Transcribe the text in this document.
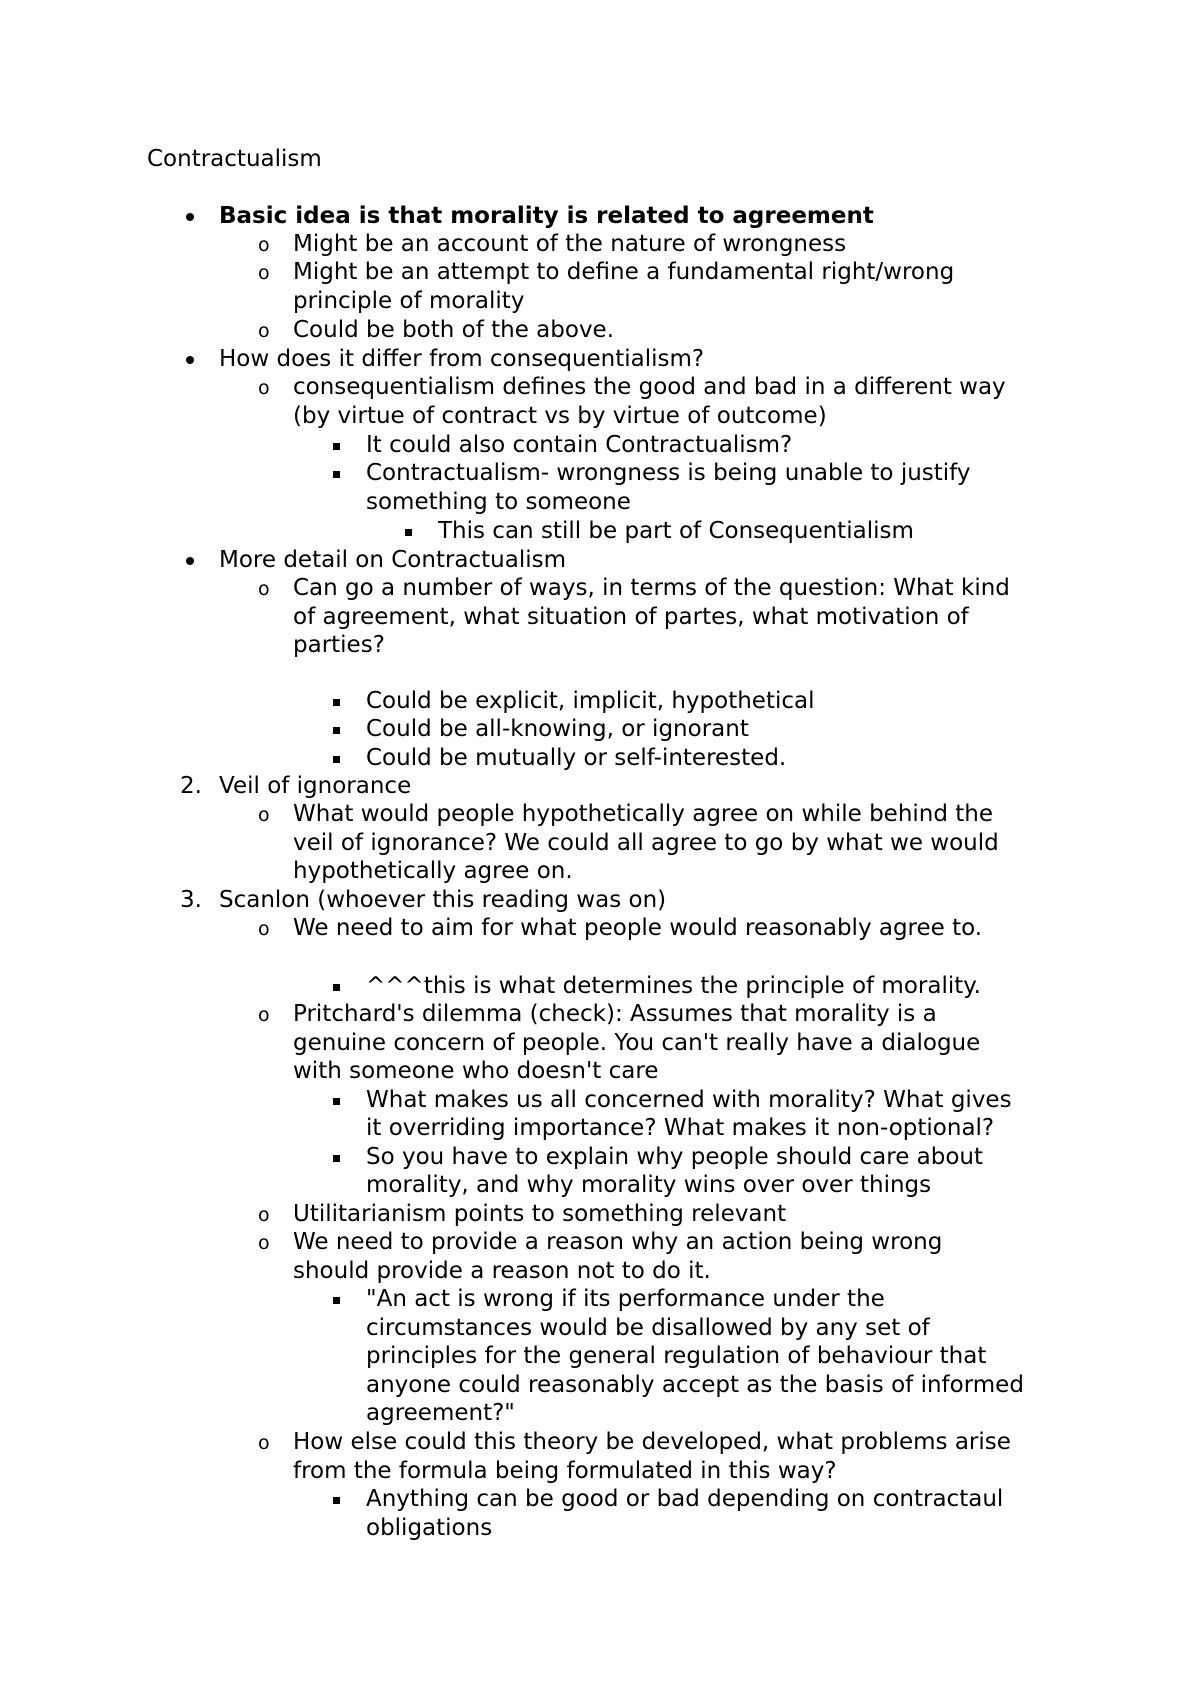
Contractualism
Basic idea is that morality is related to agreement
o Might be an account of the nature of wrongness
o Might be an attempt to define a fundamental right/wrong
principle of morality
o Could be both of the above.
How does it differ from consequentialism?
o consequentialism defines the good and bad in a different way
(by virtue of contract vs by virtue of outcome)
It could also contain Contractualism?
Contractualism- wrongness is being unable to justify
something to someone
This can still be part of Consequentialism
More detail on Contractualism
o Can go a number of ways, in terms of the question: What kind
of agreement, what situation of partes, what motivation of
parties?
Could be explicit, implicit, hypothetical
Could be all-knowing, or ignorant
Could be mutually or self-interested.
2. Veil of ignorance
o What would people hypothetically agree on while behind the
veil of ignorance? We could all agree to go by what we would
hypothetically agree on.
3. Scanlon (whoever this reading was on)
o We need to aim for what people would reasonably agree to.
^^^this is what determines the principle of morality.
o Pritchard's dilemma (check): Assumes that morality is a
genuine concern of people. You can't really have a dialogue
with someone who doesn't care
What makes us all concerned with morality? What gives
it overriding importance? What makes it non-optional?
So you have to explain why people should care about
morality, and why morality wins over over things
o Utilitarianism points to something relevant
o We need to provide a reason why an action being wrong
should provide a reason not to do it.
"An act is wrong if its performance under the
circumstances would be disallowed by any set of
principles for the general regulation of behaviour that
anyone could reasonably accept as the basis of informed
agreement?"
o How else could this theory be developed, what problems arise
from the formula being formulated in this way?
Anything can be good or bad depending on contractaul
obligations
